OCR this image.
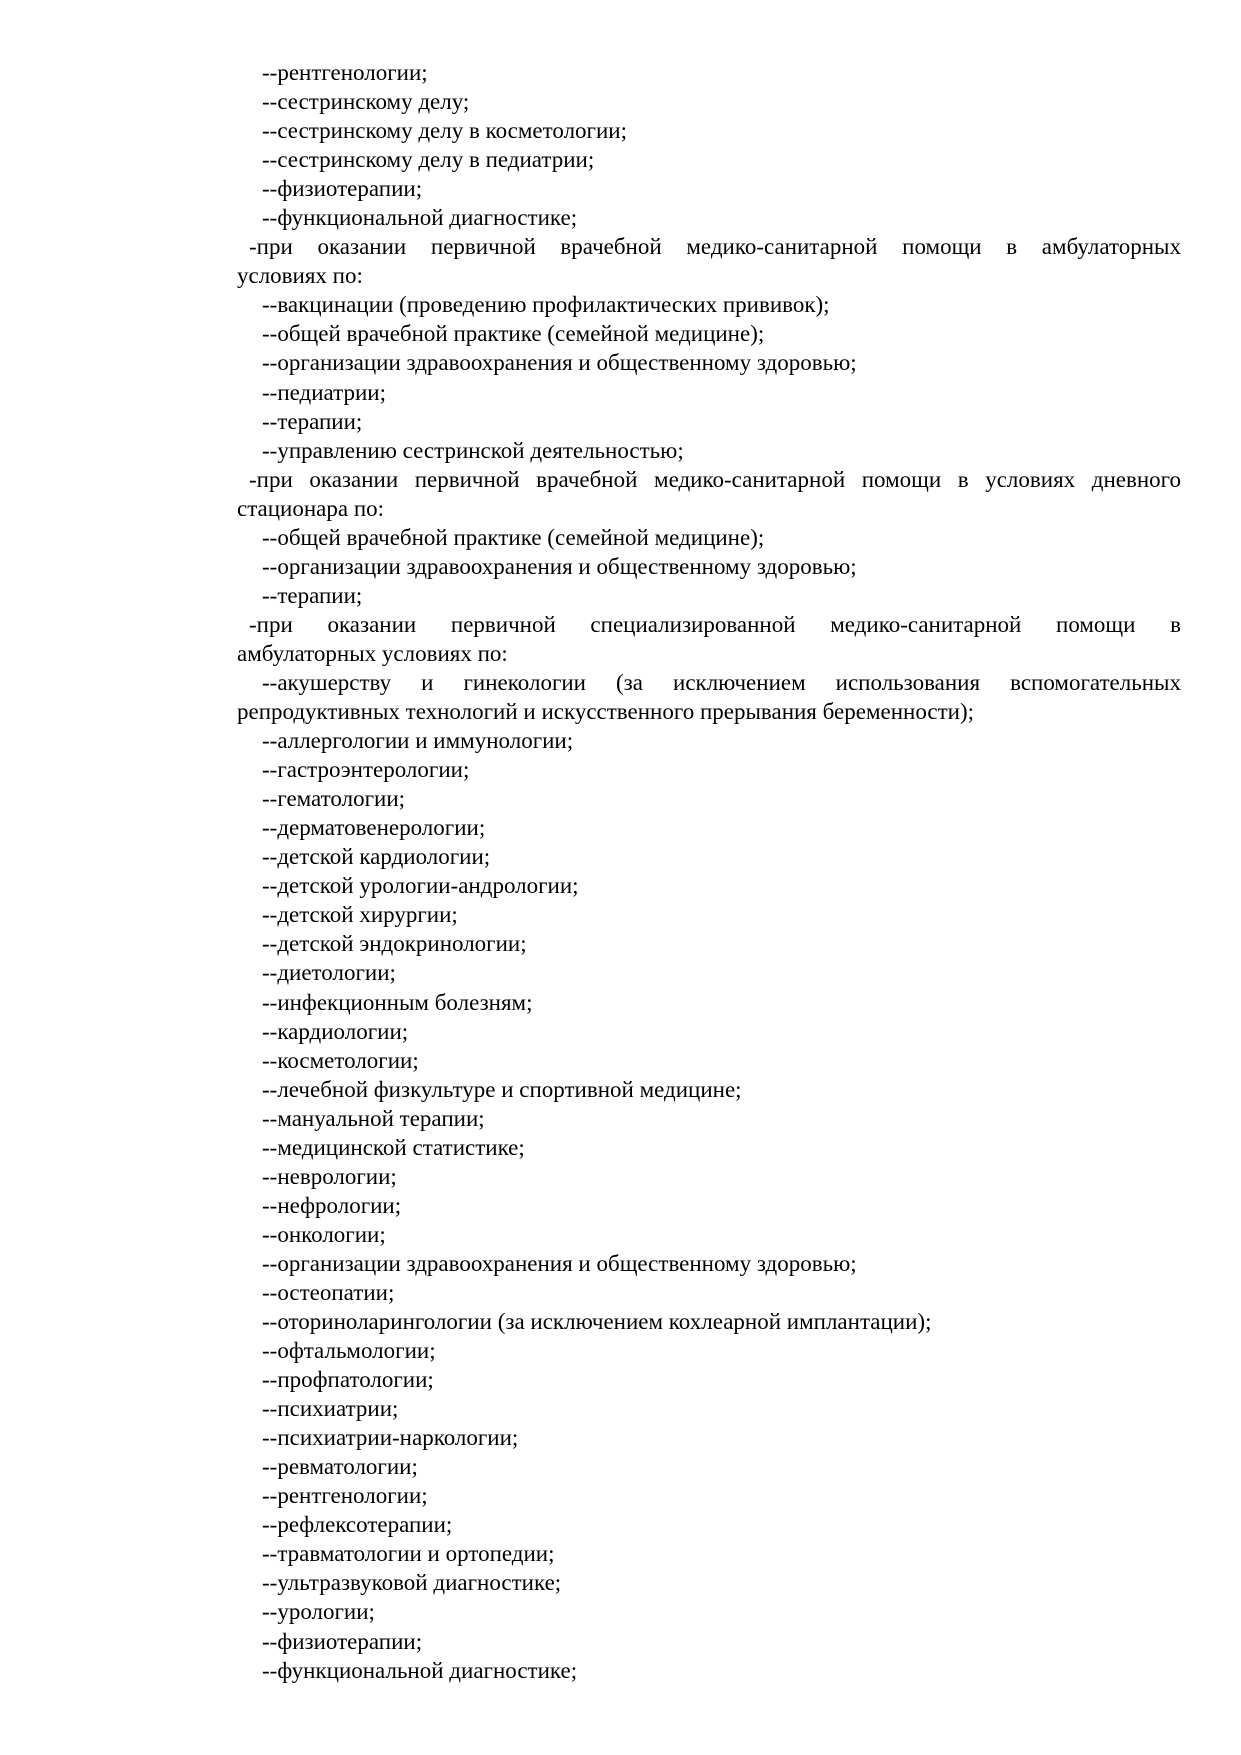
--рентгенологии;
--сестринскому делу;
--сестринскому делу в косметологии;
--сестринскому делу в педиатрии;
--физиотерапии;
--функциональной диагностике;
-при оказании первичной врачебной медико-санитарной помощи в амбулаторных
условиях по:
--вакцинации (проведению профилактических прививок);
--общей врачебной практике (семейной медицине);
--организации здравоохранения и общественному здоровью;
--педиатрии;
--терапии;
--управлению сестринской деятельностью;
-при оказании первичной врачебной медико-санитарной помощи в условиях дневного
стационара по:
--общей врачебной практике (семейной медицине);
--организации здравоохранения и общественному здоровью;
--терапии;
-при оказании первичной специализированной медико-санитарной помощи в
амбулаторных условиях по:
--акушерству и гинекологии (за исключением использования вспомогательных
репродуктивных технологий и искусственного прерывания беременности);
--аллергологии и иммунологии;
--гастроэнтерологии;
--гематологии;
--дерматовенерологии;
--детской кардиологии;
--детской урологии-андрологии;
--детской хирургии;
--детской эндокринологии;
--диетологии;
--инфекционным болезням;
--кардиологии;
--косметологии;
--лечебной физкультуре и спортивной медицине;
--мануальной терапии;
--медицинской статистике;
--неврологии;
--нефрологии;
--онкологии;
--организации здравоохранения и общественному здоровью;
--остеопатии;
--оториноларингологии (за исключением кохлеарной имплантации);
--офтальмологии;
--профпатологии;
--психиатрии;
--психиатрии-наркологии;
--ревматологии;
--рентгенологии;
--рефлексотерапии;
--травматологии и ортопедии;
--ультразвуковой диагностике;
--урологии;
--физиотерапии;
--функциональной диагностике;
